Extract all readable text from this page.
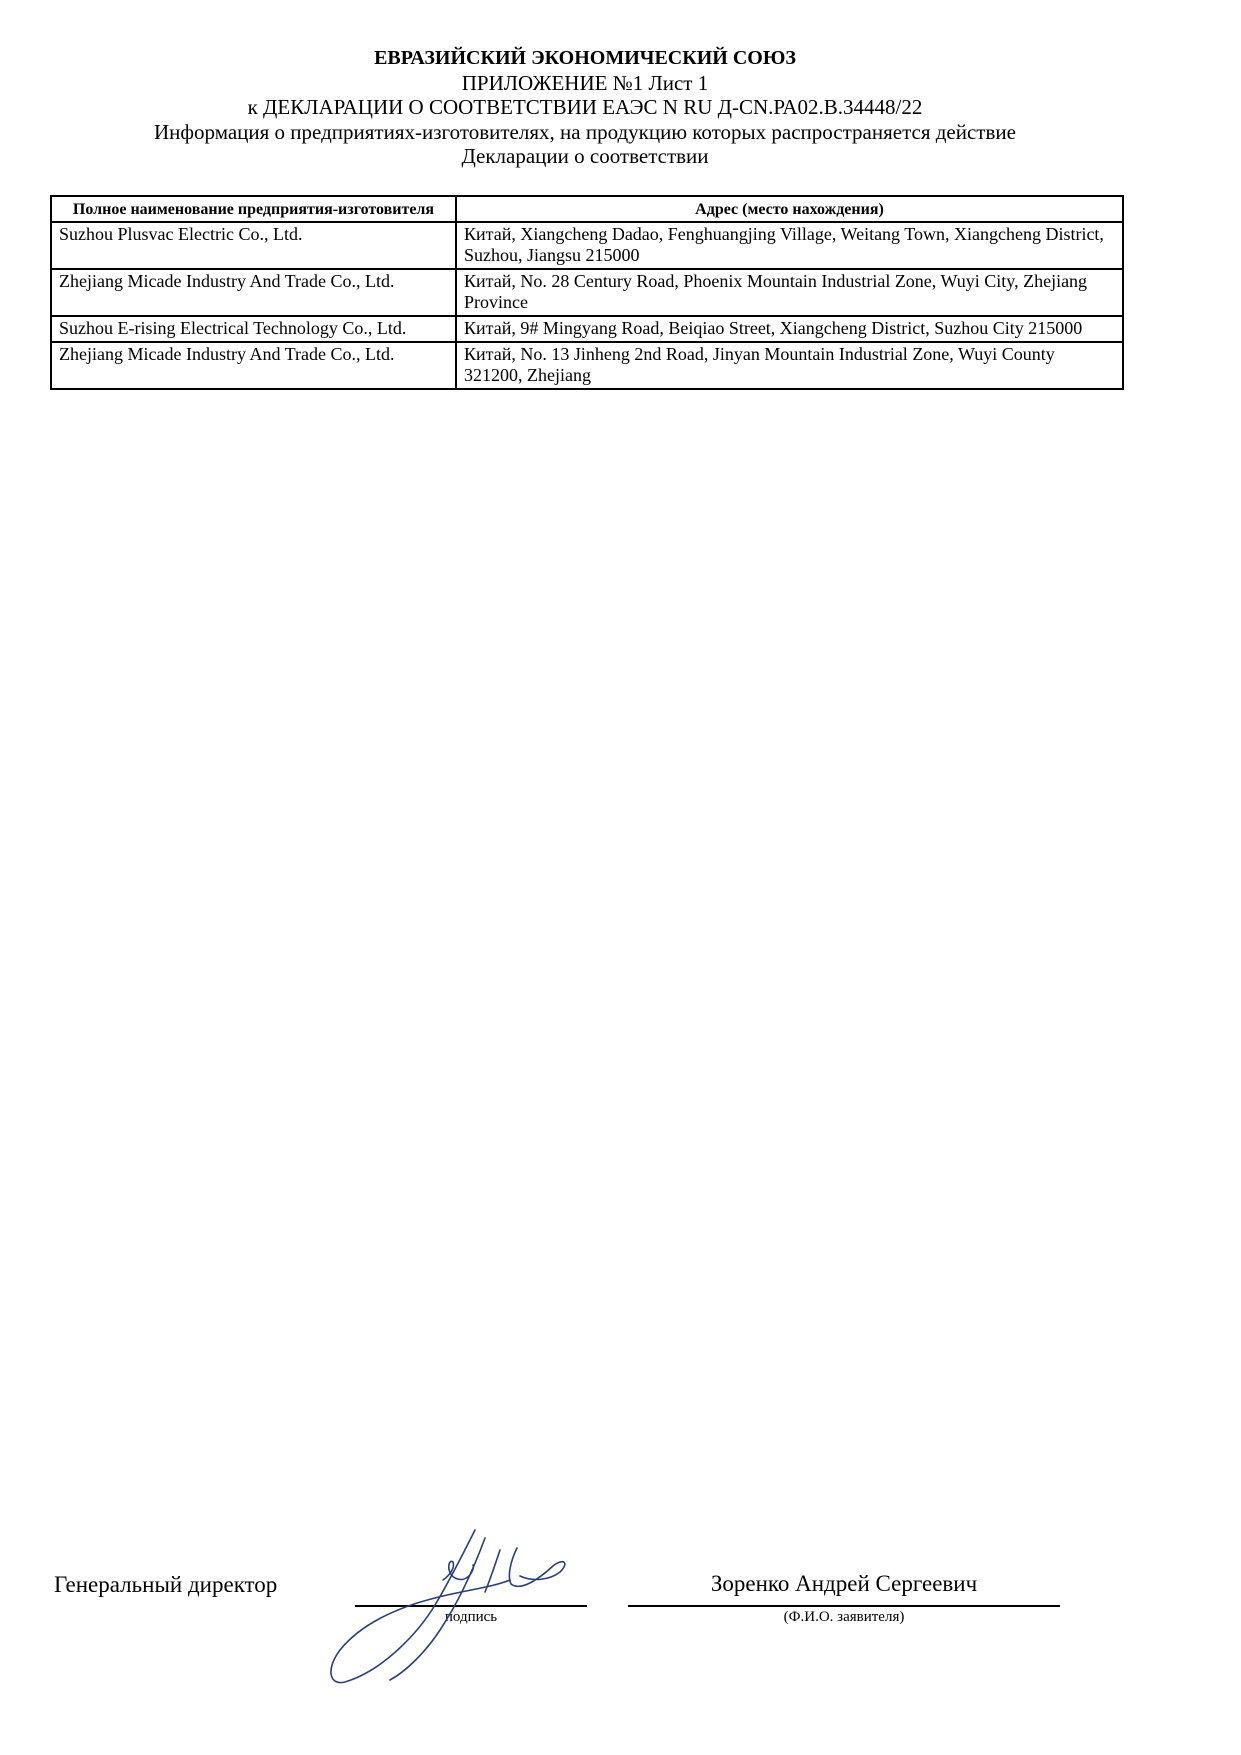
ЕВРАЗИЙСКИЙ ЭКОНОМИЧЕСКИЙ СОЮЗ
ПРИЛОЖЕНИЕ №1 Лист 1
к ДЕКЛАРАЦИИ О СООТВЕТСТВИИ ЕАЭС N RU Д-CN.РА02.В.34448/22
Информация о предприятиях-изготовителях, на продукцию которых распространяется действие
Декларации о соответствии
Полное наименование предприятия-изготовителя	Адрес (место нахождения)
Suzhou Plusvac Electric Co., Ltd.	Китай, Xiangcheng Dadao, Fenghuangjing Village, Weitang Town, Xiangcheng District, Suzhou, Jiangsu 215000
Zhejiang Micade Industry And Trade Co., Ltd.	Китай, No. 28 Century Road, Phoenix Mountain Industrial Zone, Wuyi City, Zhejiang Province
Suzhou E-rising Electrical Technology Co., Ltd.	Китай, 9# Mingyang Road, Beiqiao Street, Xiangcheng District, Suzhou City 215000
Zhejiang Micade Industry And Trade Co., Ltd.	Китай, No. 13 Jinheng 2nd Road, Jinyan Mountain Industrial Zone, Wuyi County 321200, Zhejiang
Генеральный директор
подпись
Зоренко Андрей Сергеевич
(Ф.И.О. заявителя)
